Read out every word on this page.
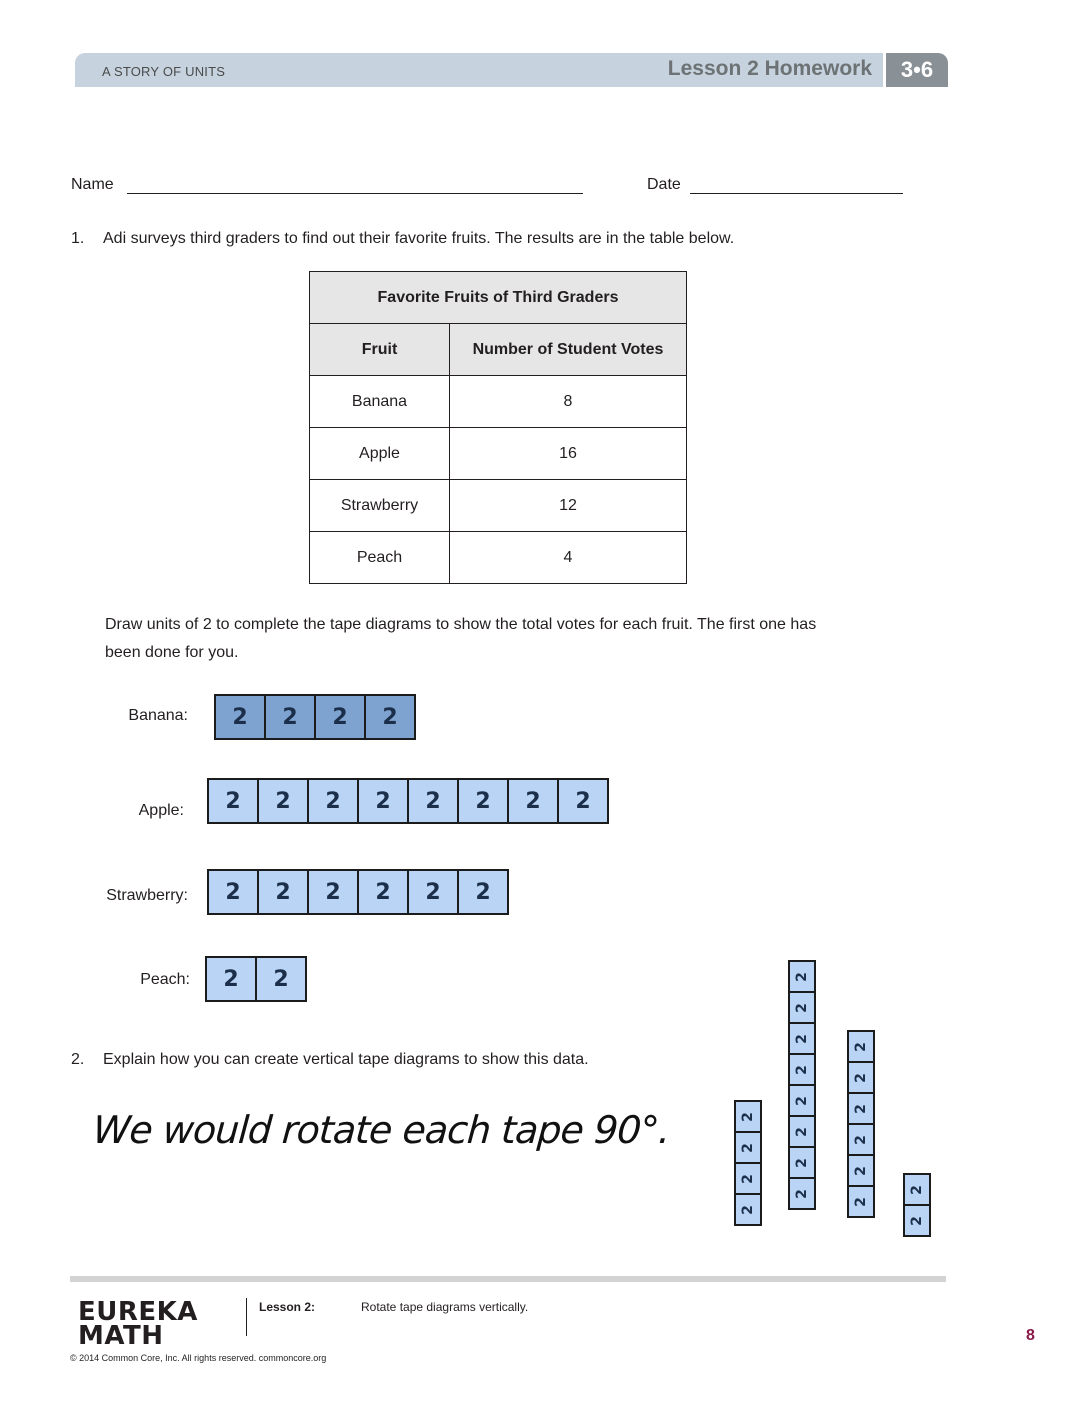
A STORY OF UNITS	Lesson 2 Homework	3•6
Name	Date
1. Adi surveys third graders to find out their favorite fruits. The results are in the table below.
Favorite Fruits of Third Graders	
Fruit	Number of Student Votes
Banana	8
Apple	16
Strawberry	12
Peach	4
Draw units of 2 to complete the tape diagrams to show the total votes for each fruit. The first one has
been done for you.
Banana:	2	2	2	2
Apple:	2	2	2	2	2	2	2	2
Strawberry:	2	2	2	2	2	2
Peach:	2	2
2. Explain how you can create vertical tape diagrams to show this data.
We would rotate each tape 90°.
2
2
2
2
2
2
2
2
2
2
2
2
2
2
2
2
2
2
2
2
EUREKA
MATH
Lesson 2:	Rotate tape diagrams vertically.
© 2014 Common Core, Inc. All rights reserved. commoncore.org
8
